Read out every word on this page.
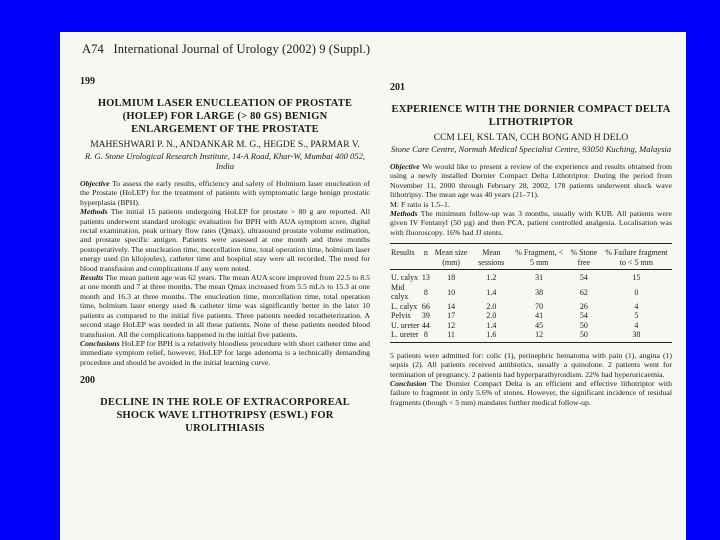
A74 International Journal of Urology (2002) 9 (Suppl.)
199
HOLMIUM LASER ENUCLEATION OF PROSTATE (HOLEP) FOR LARGE (> 80 GS) BENIGN ENLARGEMENT OF THE PROSTATE
MAHESHWARI P. N., ANDANKAR M. G., HEGDE S., PARMAR V.
R. G. Stone Urological Research Institute, 14-A Road, Khar-W, Mumbai 400 052, India

Objective To assess the early results, efficiency and safety of Holmium laser enucleation of the Prostate (HoLEP) for the treatment of patients with symptomatic large benign prostatic hyperplasia (BPH).

Methods The initial 15 patients undergoing HoLEP for prostate > 80 g are reported. All patients underwent standard urologic evaluation for BPH with AUA symptom score, digital rectal examination, peak urinary flow rates (Qmax), ultrasound prostate volume estimation, and prostate specific antigen. Patients were assessed at one month and three months postoperatively. The enucleation time, morcellation time, total operation time, holmium laser energy used (in kilojoules), catheter time and hospital stay were all recorded. The need for blood transfusion and complications if any were noted.

Results The mean patient age was 62 years. The mean AUA score improved from 22.5 to 8.5 at one month and 7 at three months. The mean Qmax increased from 5.5 mL/s to 15.3 at one month and 16.3 at three months. The enucleation time, morcellation time, total operation time, holmium laser energy used & catheter time was significantly better in the later 10 patients as compared to the initial five patients. Three patients needed recatheterization. A second stage HoLEP was needed in all these patients. None of these patients needed blood transfusion. All the complications happened in the initial five patients.

Conclusions HoLEP for BPH is a relatively bloodless procedure with short catheter time and immediate symptom relief, however, HoLEP for large adenoma is a technically demanding procedure and should be avoided in the initial learning curve.

200
DECLINE IN THE ROLE OF EXTRACORPOREAL SHOCK WAVE LITHOTRIPSY (ESWL) FOR UROLITHIASIS
201
EXPERIENCE WITH THE DORNIER COMPACT DELTA LITHOTRIPTOR
CCM LEI, KSL TAN, CCH BONG AND H DELO
Stone Care Centre, Normah Medical Specialist Centre, 93050 Kuching, Malaysia

Objective We would like to present a review of the experience and results obtained from using a newly installed Dornier Compact Delta Lithotriptor. During the period from November 11, 2000 through February 28, 2002, 178 patients underwent shock wave lithotripsy. The mean age was 40 years (21–71).

M: F ratio is 1.5–1.

Methods The minimum follow-up was 3 months, usually with KUB. All patients were given IV Fentanyl (50 µg) and then PCA, patient controlled analgesia. Localisation was with fluoroscopy. 16% had JJ stents.

Results	n	Mean size (mm)	Mean sessions	% Fragment, < 5 mm	% Stone free	% Failure fragment to < 5 mm
U. calyx	13	18	1.2	31	54	15
Mid calyx	8	10	1.4	38	62	0
L. calyx	66	14	2.0	70	26	4
Pelvis	39	17	2.0	41	54	5
U. ureter	44	12	1.4	45	50	4
L. ureter	8	11	1.6	12	50	38

5 patients were admitted for: colic (1), perinephric hematoma with pain (1), angina (1) sepsis (2). All patients received antibiotics, usually a quinolone. 2 patients went for termination of pregnancy. 2 patients had hyperparathyroidism. 22% had hyperuricaemia.

Conclusion The Dornier Compact Delta is an efficient and effective lithotriptor with failure to fragment in only 5.6% of stones. However, the significant incidence of residual fragments (though < 5 mm) mandates further medical follow-up.
